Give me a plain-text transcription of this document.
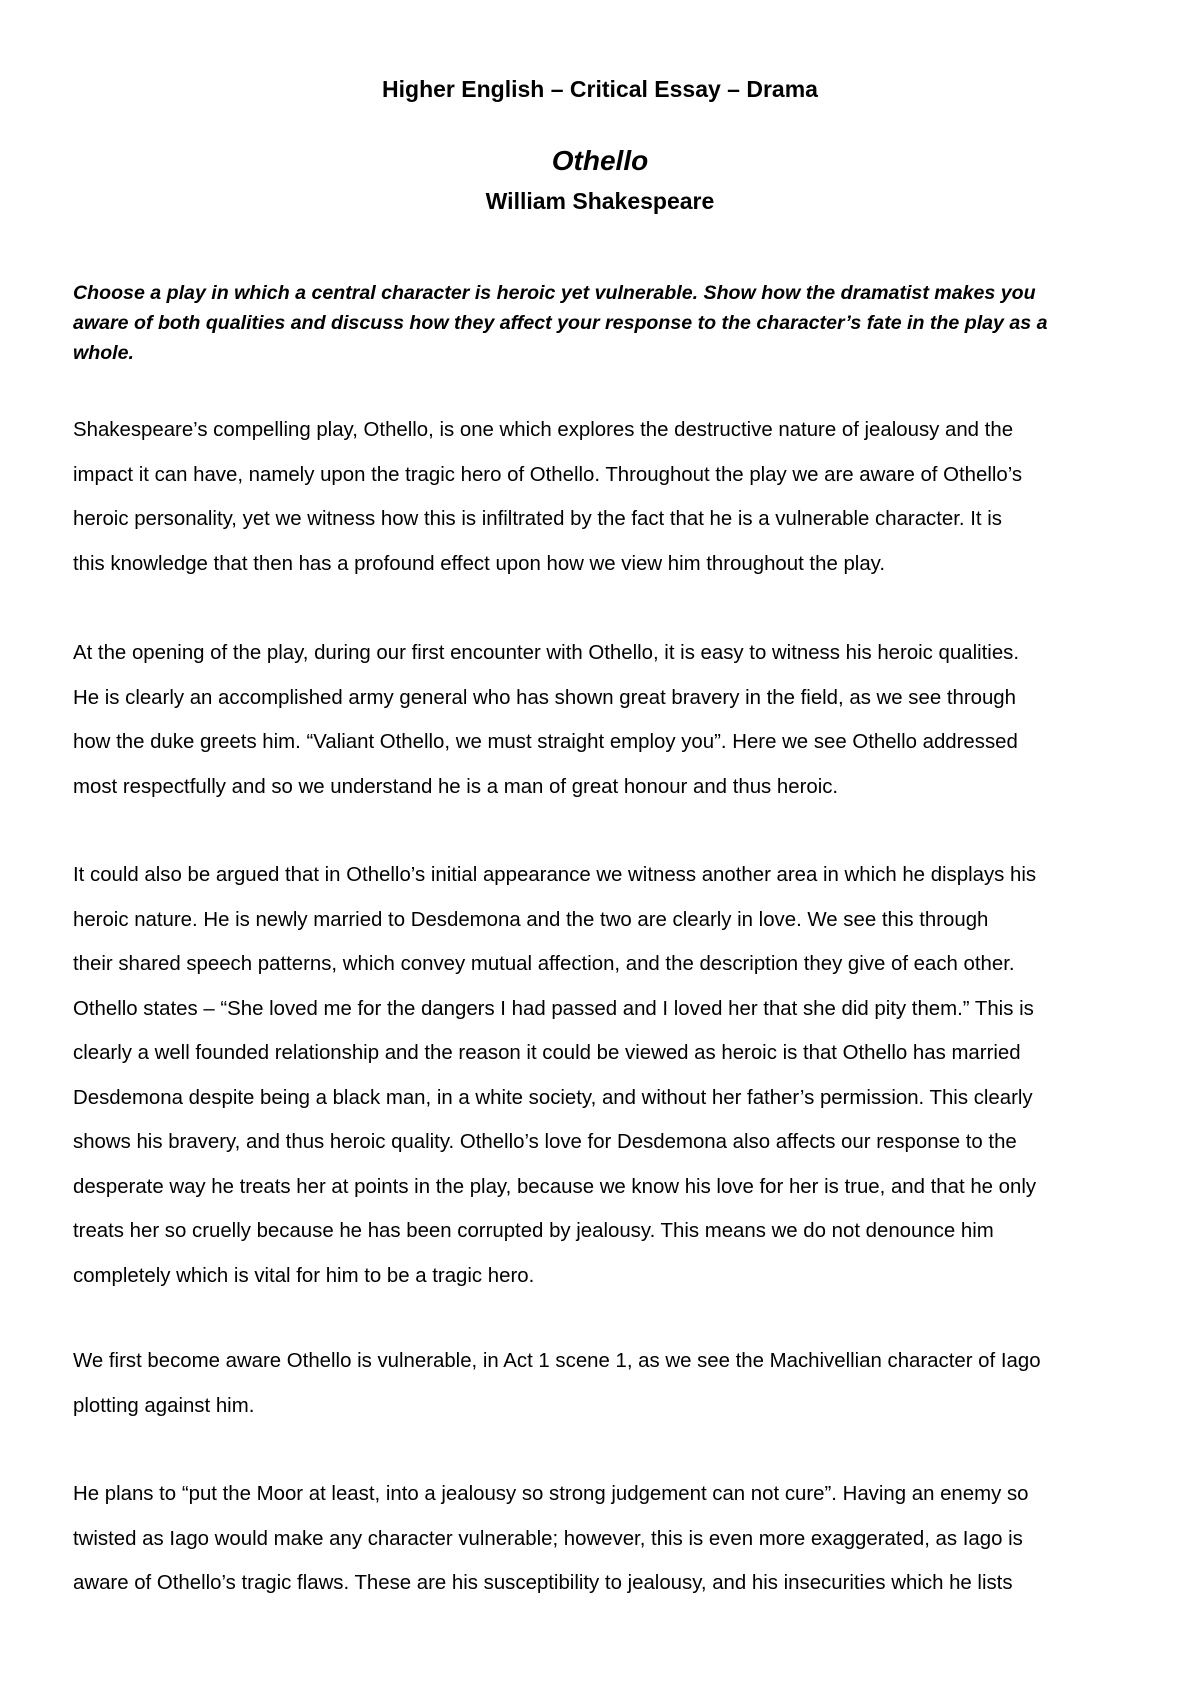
Higher English – Critical Essay – Drama
Othello
William Shakespeare

Choose a play in which a central character is heroic yet vulnerable. Show how the dramatist makes you
aware of both qualities and discuss how they affect your response to the character’s fate in the play as a
whole.

Shakespeare’s compelling play, Othello, is one which explores the destructive nature of jealousy and the
impact it can have, namely upon the tragic hero of Othello. Throughout the play we are aware of Othello’s
heroic personality, yet we witness how this is infiltrated by the fact that he is a vulnerable character. It is
this knowledge that then has a profound effect upon how we view him throughout the play.

At the opening of the play, during our first encounter with Othello, it is easy to witness his heroic qualities.
He is clearly an accomplished army general who has shown great bravery in the field, as we see through
how the duke greets him. “Valiant Othello, we must straight employ you”. Here we see Othello addressed
most respectfully and so we understand he is a man of great honour and thus heroic.

It could also be argued that in Othello’s initial appearance we witness another area in which he displays his
heroic nature. He is newly married to Desdemona and the two are clearly in love. We see this through
their shared speech patterns, which convey mutual affection, and the description they give of each other.
Othello states – “She loved me for the dangers I had passed and I loved her that she did pity them.” This is
clearly a well founded relationship and the reason it could be viewed as heroic is that Othello has married
Desdemona despite being a black man, in a white society, and without her father’s permission. This clearly
shows his bravery, and thus heroic quality. Othello’s love for Desdemona also affects our response to the
desperate way he treats her at points in the play, because we know his love for her is true, and that he only
treats her so cruelly because he has been corrupted by jealousy. This means we do not denounce him
completely which is vital for him to be a tragic hero.

We first become aware Othello is vulnerable, in Act 1 scene 1, as we see the Machivellian character of Iago
plotting against him.

He plans to “put the Moor at least, into a jealousy so strong judgement can not cure”. Having an enemy so
twisted as Iago would make any character vulnerable; however, this is even more exaggerated, as Iago is
aware of Othello’s tragic flaws. These are his susceptibility to jealousy, and his insecurities which he lists
